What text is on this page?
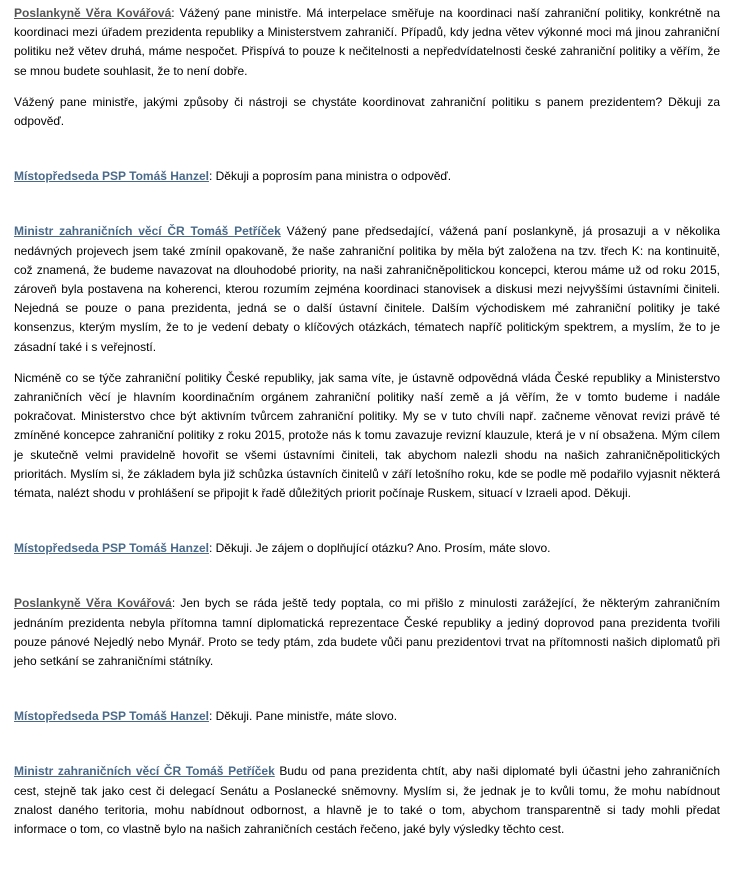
Poslankyně Věra Kovářová: Vážený pane ministře. Má interpelace směřuje na koordinaci naší zahraniční politiky, konkrétně na koordinaci mezi úřadem prezidenta republiky a Ministerstvem zahraničí. Případů, kdy jedna větev výkonné moci má jinou zahraniční politiku než větev druhá, máme nespočet. Přispívá to pouze k nečitelnosti a nepředvídatelnosti české zahraniční politiky a věřím, že se mnou budete souhlasit, že to není dobře.

Vážený pane ministře, jakými způsoby či nástroji se chystáte koordinovat zahraniční politiku s panem prezidentem? Děkuji za odpověď.

Místopředseda PSP Tomáš Hanzel: Děkuji a poprosím pana ministra o odpověď.

Ministr zahraničních věcí ČR Tomáš Petříček Vážený pane předsedající, vážená paní poslankyně, já prosazuji a v několika nedávných projevech jsem také zmínil opakovaně, že naše zahraniční politika by měla být založena na tzv. třech K: na kontinuitě, což znamená, že budeme navazovat na dlouhodobé priority, na naši zahraničněpolitickou koncepci, kterou máme už od roku 2015, zároveň byla postavena na koherenci, kterou rozumím zejména koordinaci stanovisek a diskusi mezi nejvyššími ústavními činiteli. Nejedná se pouze o pana prezidenta, jedná se o další ústavní činitele. Dalším východiskem mé zahraniční politiky je také konsenzus, kterým myslím, že to je vedení debaty o klíčových otázkách, tématech napříč politickým spektrem, a myslím, že to je zásadní také i s veřejností.

Nicméně co se týče zahraniční politiky České republiky, jak sama víte, je ústavně odpovědná vláda České republiky a Ministerstvo zahraničních věcí je hlavním koordinačním orgánem zahraniční politiky naší země a já věřím, že v tomto budeme i nadále pokračovat. Ministerstvo chce být aktivním tvůrcem zahraniční politiky. My se v tuto chvíli např. začneme věnovat revizi právě té zmíněné koncepce zahraniční politiky z roku 2015, protože nás k tomu zavazuje revizní klauzule, která je v ní obsažena. Mým cílem je skutečně velmi pravidelně hovořit se všemi ústavními činiteli, tak abychom nalezli shodu na našich zahraničněpolitických prioritách. Myslím si, že základem byla již schůzka ústavních činitelů v září letošního roku, kde se podle mě podařilo vyjasnit některá témata, nalézt shodu v prohlášení se připojit k řadě důležitých priorit počínaje Ruskem, situací v Izraeli apod. Děkuji.

Místopředseda PSP Tomáš Hanzel: Děkuji. Je zájem o doplňující otázku? Ano. Prosím, máte slovo.

Poslankyně Věra Kovářová: Jen bych se ráda ještě tedy poptala, co mi přišlo z minulosti zarážející, že některým zahraničním jednáním prezidenta nebyla přítomna tamní diplomatická reprezentace České republiky a jediný doprovod pana prezidenta tvořili pouze pánové Nejedlý nebo Mynář. Proto se tedy ptám, zda budete vůči panu prezidentovi trvat na přítomnosti našich diplomatů při jeho setkání se zahraničními státníky.

Místopředseda PSP Tomáš Hanzel: Děkuji. Pane ministře, máte slovo.

Ministr zahraničních věcí ČR Tomáš Petříček Budu od pana prezidenta chtít, aby naši diplomaté byli účastni jeho zahraničních cest, stejně tak jako cest či delegací Senátu a Poslanecké sněmovny. Myslím si, že jednak je to kvůli tomu, že mohu nabídnout znalost daného teritoria, mohu nabídnout odbornost, a hlavně je to také o tom, abychom transparentně si tady mohli předat informace o tom, co vlastně bylo na našich zahraničních cestách řečeno, jaké byly výsledky těchto cest.
